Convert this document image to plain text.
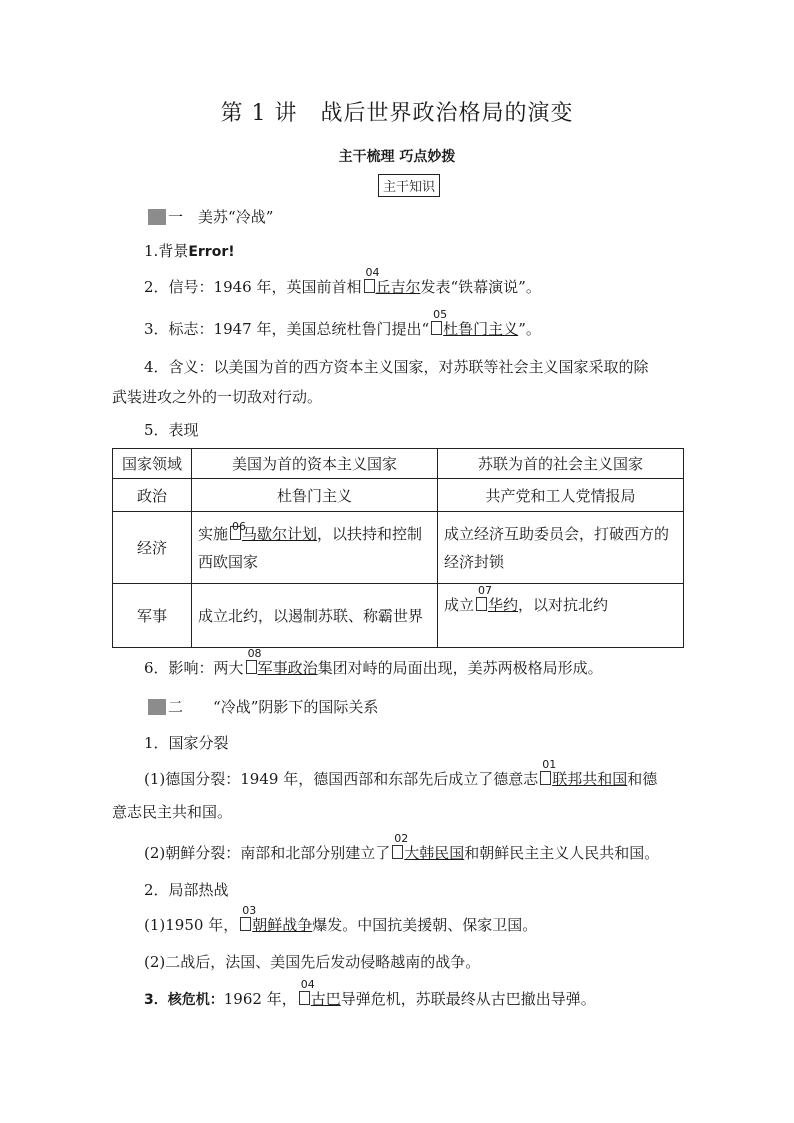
第 1 讲　战后世界政治格局的演变
主干梳理 巧点妙拨
主干知识
一　 美苏“冷战”
1.背景Error!
2．信号：1946 年，英国前首相
04
丘吉尔发表“铁幕演说”。
3．标志：1947 年，美国总统杜鲁门提出“
05
杜鲁门主义”。
4．含义：以美国为首的西方资本主义国家，对苏联等社会主义国家采取的除
武装进攻之外的一切敌对行动。
5．表现
国家领域	美国为首的资本主义国家	苏联为首的社会主义国家
政治	杜鲁门主义	共产党和工人党情报局
经济	实施 06
马歇尔计划，以扶持和控制西欧国家	成立经济互助委员会，打破西方的经济封锁
军事	成立北约，以遏制苏联、称霸世界	成立
07
华约，以对抗北约
6．影响：两大
08
军事政治集团对峙的局面出现，美苏两极格局形成。
二　　 “冷战”阴影下的国际关系
1．国家分裂
(1)德国分裂：1949 年，德国西部和东部先后成立了德意志
01
联邦共和国和德
意志民主共和国。
(2)朝鲜分裂：南部和北部分别建立了
02
大韩民国和朝鲜民主主义人民共和国。
2．局部热战
(1)1950 年，
03
朝鲜战争爆发。中国抗美援朝、保家卫国。
(2)二战后，法国、美国先后发动侵略越南的战争。
3．核危机：1962 年，
04
古巴导弹危机，苏联最终从古巴撤出导弹。
